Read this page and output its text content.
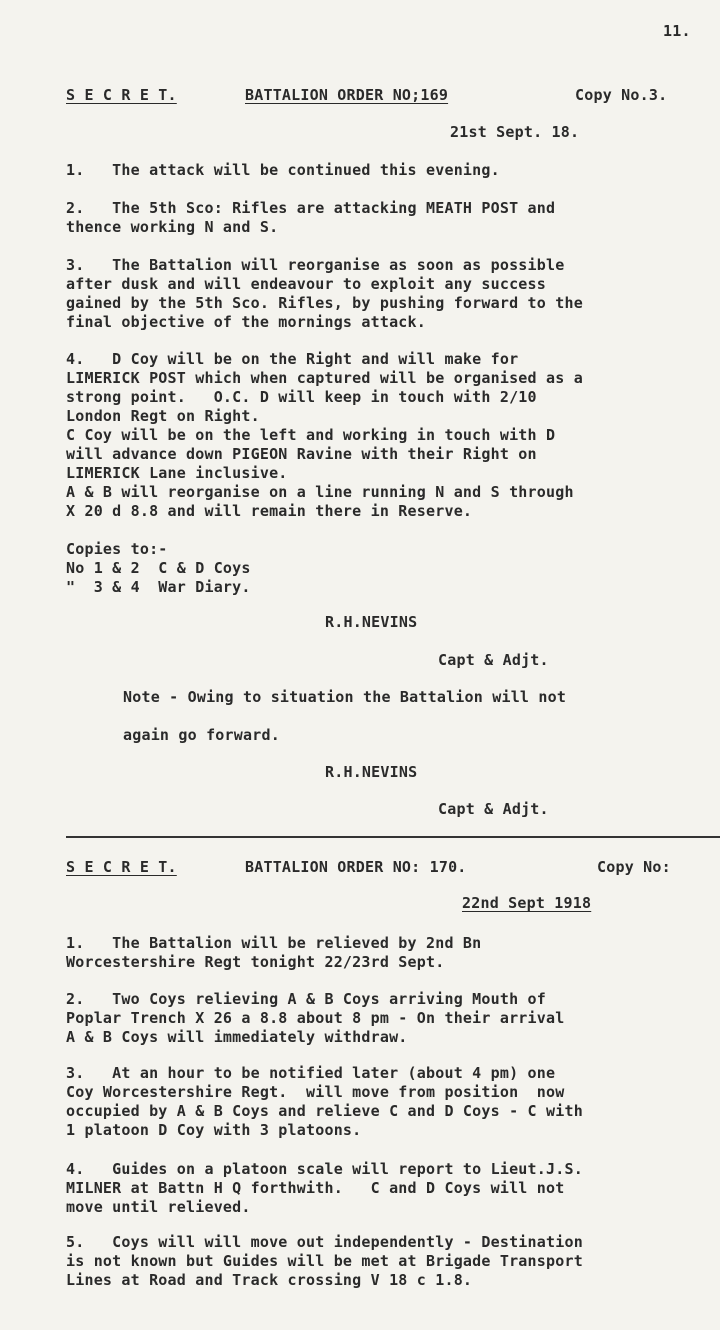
11.
S E C R E T.	BATTALION ORDER NO;169	Copy No.3.
21st Sept. 18.
1.   The attack will be continued this evening.
2.   The 5th Sco: Rifles are attacking MEATH POST and
thence working N and S.
3.   The Battalion will reorganise as soon as possible
after dusk and will endeavour to exploit any success
gained by the 5th Sco. Rifles, by pushing forward to the
final objective of the mornings attack.
4.   D Coy will be on the Right and will make for
LIMERICK POST which when captured will be organised as a
strong point.   O.C. D will keep in touch with 2/10
London Regt on Right.
C Coy will be on the left and working in touch with D
will advance down PIGEON Ravine with their Right on
LIMERICK Lane inclusive.
A & B will reorganise on a line running N and S through
X 20 d 8.8 and will remain there in Reserve.
Copies to:-
No 1 & 2  C & D Coys
"  3 & 4  War Diary.
R.H.NEVINS
Capt & Adjt.
Note - Owing to situation the Battalion will not
again go forward.
R.H.NEVINS
Capt & Adjt.
S E C R E T.	BATTALION ORDER NO: 170.	Copy No:
22nd Sept 1918
1.   The Battalion will be relieved by 2nd Bn
Worcestershire Regt tonight 22/23rd Sept.
2.   Two Coys relieving A & B Coys arriving Mouth of
Poplar Trench X 26 a 8.8 about 8 pm - On their arrival
A & B Coys will immediately withdraw.
3.   At an hour to be notified later (about 4 pm) one
Coy Worcestershire Regt.  will move from position  now
occupied by A & B Coys and relieve C and D Coys - C with
1 platoon D Coy with 3 platoons.
4.   Guides on a platoon scale will report to Lieut.J.S.
MILNER at Battn H Q forthwith.   C and D Coys will not
move until relieved.
5.   Coys will will move out independently - Destination
is not known but Guides will be met at Brigade Transport
Lines at Road and Track crossing V 18 c 1.8.
